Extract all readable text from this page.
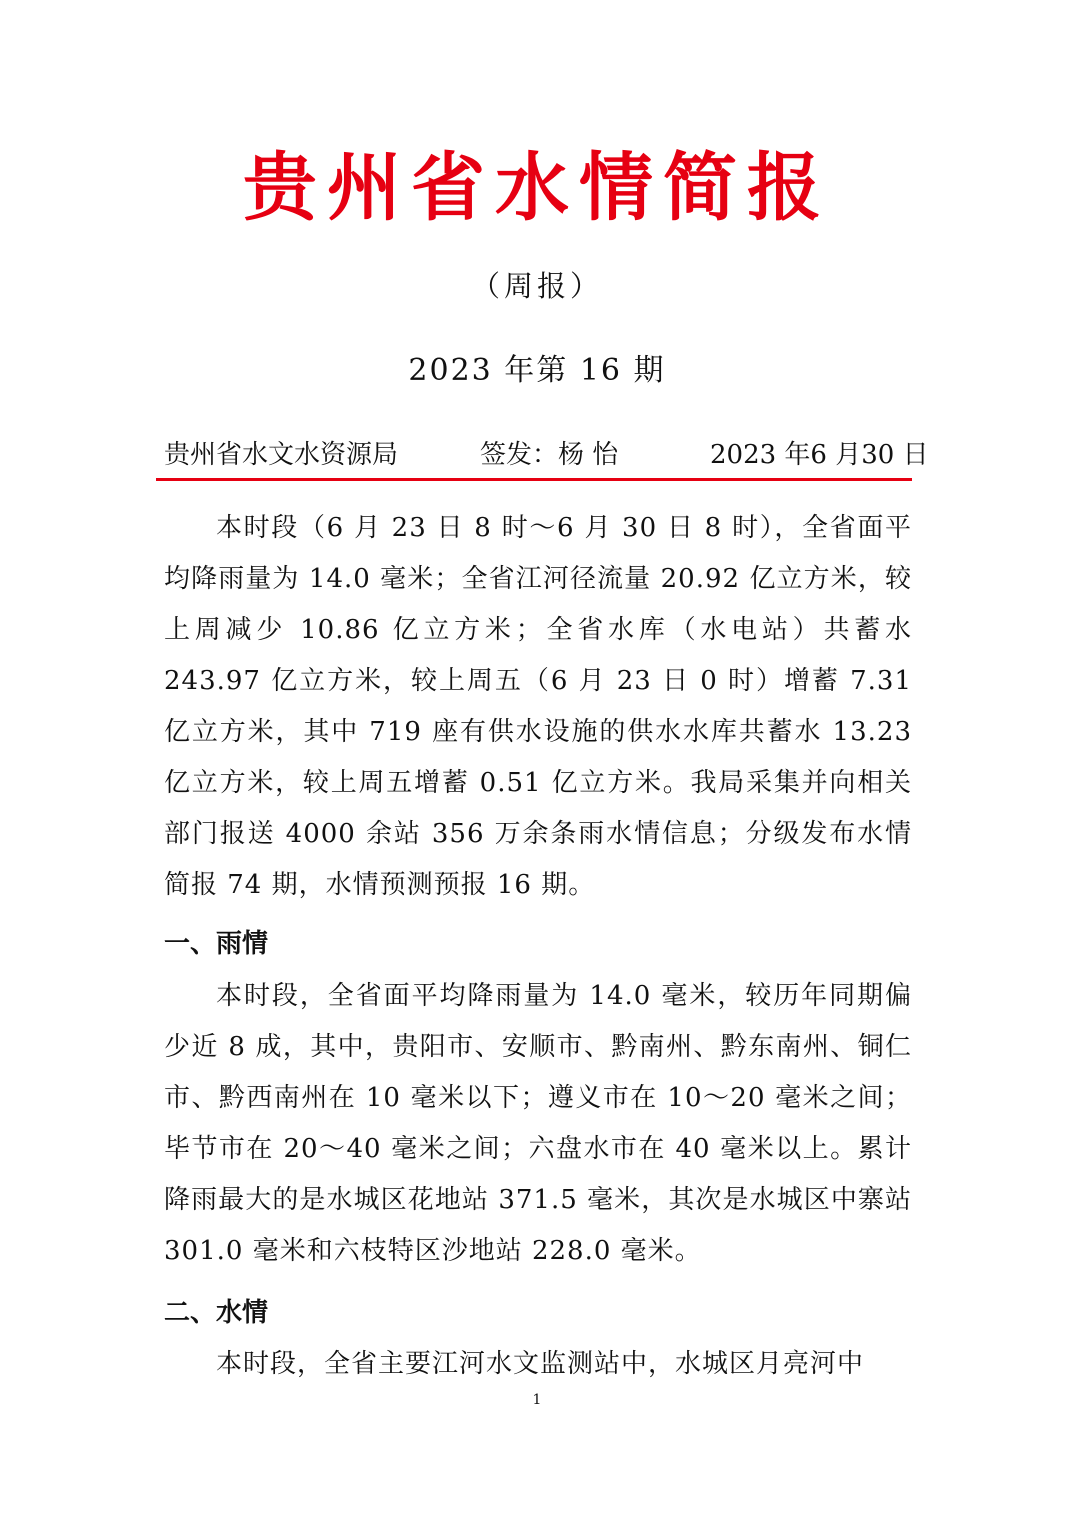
贵州省水情简报
（周报）
2023 年第 16 期
贵州省水文水资源局	签发：杨 怡	2023 年6 月30 日

本时段（6 月 23 日 8 时～6 月 30 日 8 时），全省面平均降雨量为 14.0 毫米；全省江河径流量 20.92 亿立方米，较上周减少 10.86 亿立方米；全省水库（水电站）共蓄水 243.97 亿立方米，较上周五（6 月 23 日 0 时）增蓄 7.31 亿立方米，其中 719 座有供水设施的供水水库共蓄水 13.23 亿立方米，较上周五增蓄 0.51 亿立方米。我局采集并向相关部门报送 4000 余站 356 万余条雨水情信息；分级发布水情简报 74 期，水情预测预报 16 期。

一、雨情

本时段，全省面平均降雨量为 14.0 毫米，较历年同期偏少近 8 成，其中，贵阳市、安顺市、黔南州、黔东南州、铜仁市、黔西南州在 10 毫米以下；遵义市在 10～20 毫米之间；毕节市在 20～40 毫米之间；六盘水市在 40 毫米以上。累计降雨最大的是水城区花地站 371.5 毫米，其次是水城区中寨站 301.0 毫米和六枝特区沙地站 228.0 毫米。

二、水情

本时段，全省主要江河水文监测站中，水城区月亮河中

1
